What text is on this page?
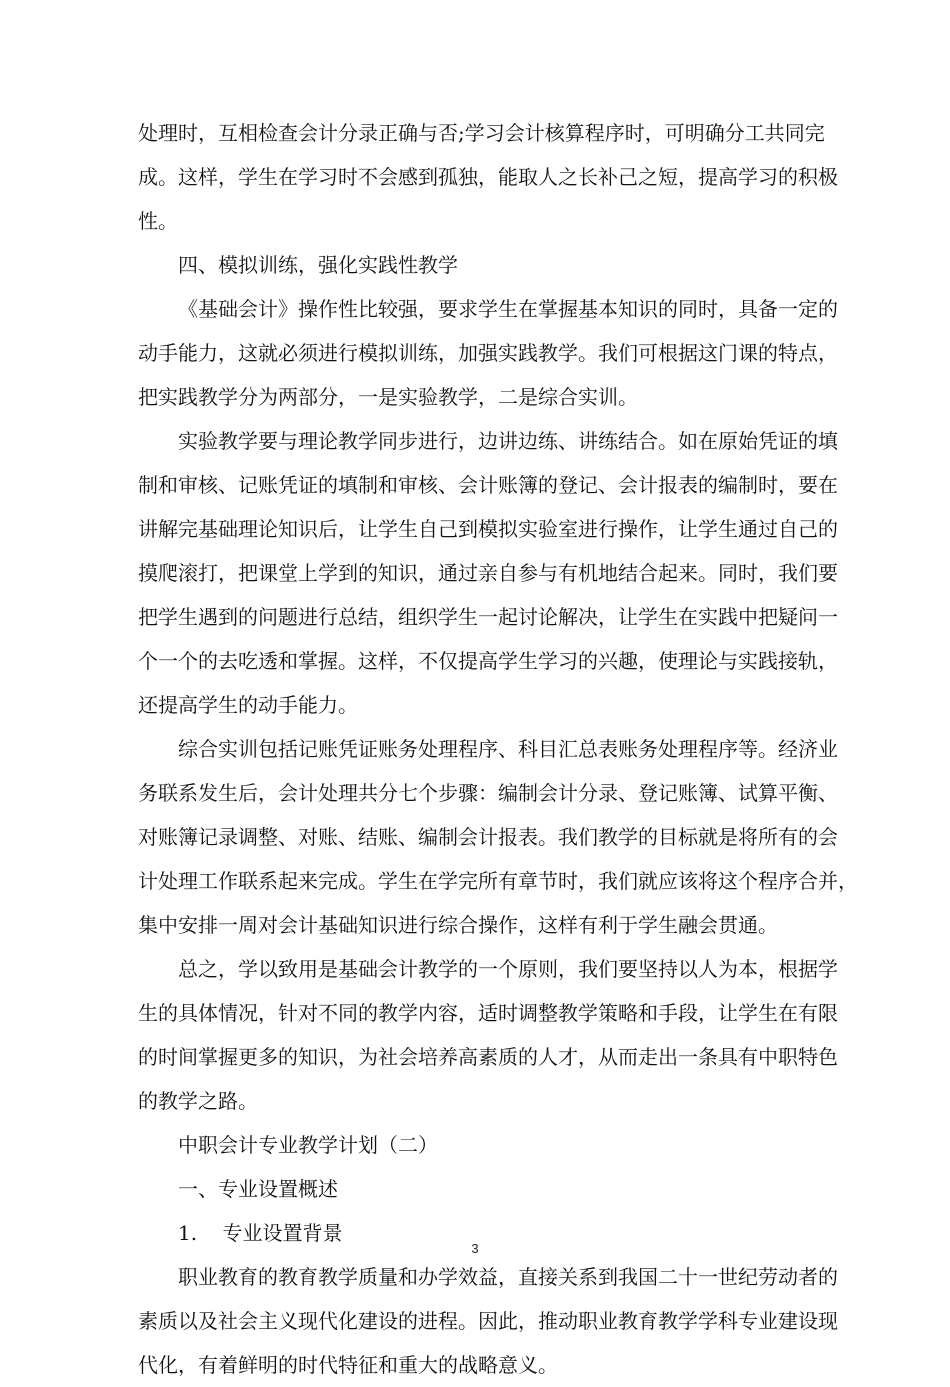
处理时，互相检查会计分录正确与否;学习会计核算程序时，可明确分工共同完
成。这样，学生在学习时不会感到孤独，能取人之长补己之短，提高学习的积极
性。
四、模拟训练，强化实践性教学
《基础会计》操作性比较强，要求学生在掌握基本知识的同时，具备一定的
动手能力，这就必须进行模拟训练，加强实践教学。我们可根据这门课的特点，
把实践教学分为两部分，一是实验教学，二是综合实训。
实验教学要与理论教学同步进行，边讲边练、讲练结合。如在原始凭证的填
制和审核、记账凭证的填制和审核、会计账簿的登记、会计报表的编制时，要在
讲解完基础理论知识后，让学生自己到模拟实验室进行操作，让学生通过自己的
摸爬滚打，把课堂上学到的知识，通过亲自参与有机地结合起来。同时，我们要
把学生遇到的问题进行总结，组织学生一起讨论解决，让学生在实践中把疑问一
个一个的去吃透和掌握。这样，不仅提高学生学习的兴趣，使理论与实践接轨，
还提高学生的动手能力。
综合实训包括记账凭证账务处理程序、科目汇总表账务处理程序等。经济业
务联系发生后，会计处理共分七个步骤：编制会计分录、登记账簿、试算平衡、
对账簿记录调整、对账、结账、编制会计报表。我们教学的目标就是将所有的会
计处理工作联系起来完成。学生在学完所有章节时，我们就应该将这个程序合并，
集中安排一周对会计基础知识进行综合操作，这样有利于学生融会贯通。
总之，学以致用是基础会计教学的一个原则，我们要坚持以人为本，根据学
生的具体情况，针对不同的教学内容，适时调整教学策略和手段，让学生在有限
的时间掌握更多的知识，为社会培养高素质的人才，从而走出一条具有中职特色
的教学之路。
中职会计专业教学计划（二）
一、专业设置概述
1.    专业设置背景
职业教育的教育教学质量和办学效益，直接关系到我国二十一世纪劳动者的
素质以及社会主义现代化建设的进程。因此，推动职业教育教学学科专业建设现
代化，有着鲜明的时代特征和重大的战略意义。
3
